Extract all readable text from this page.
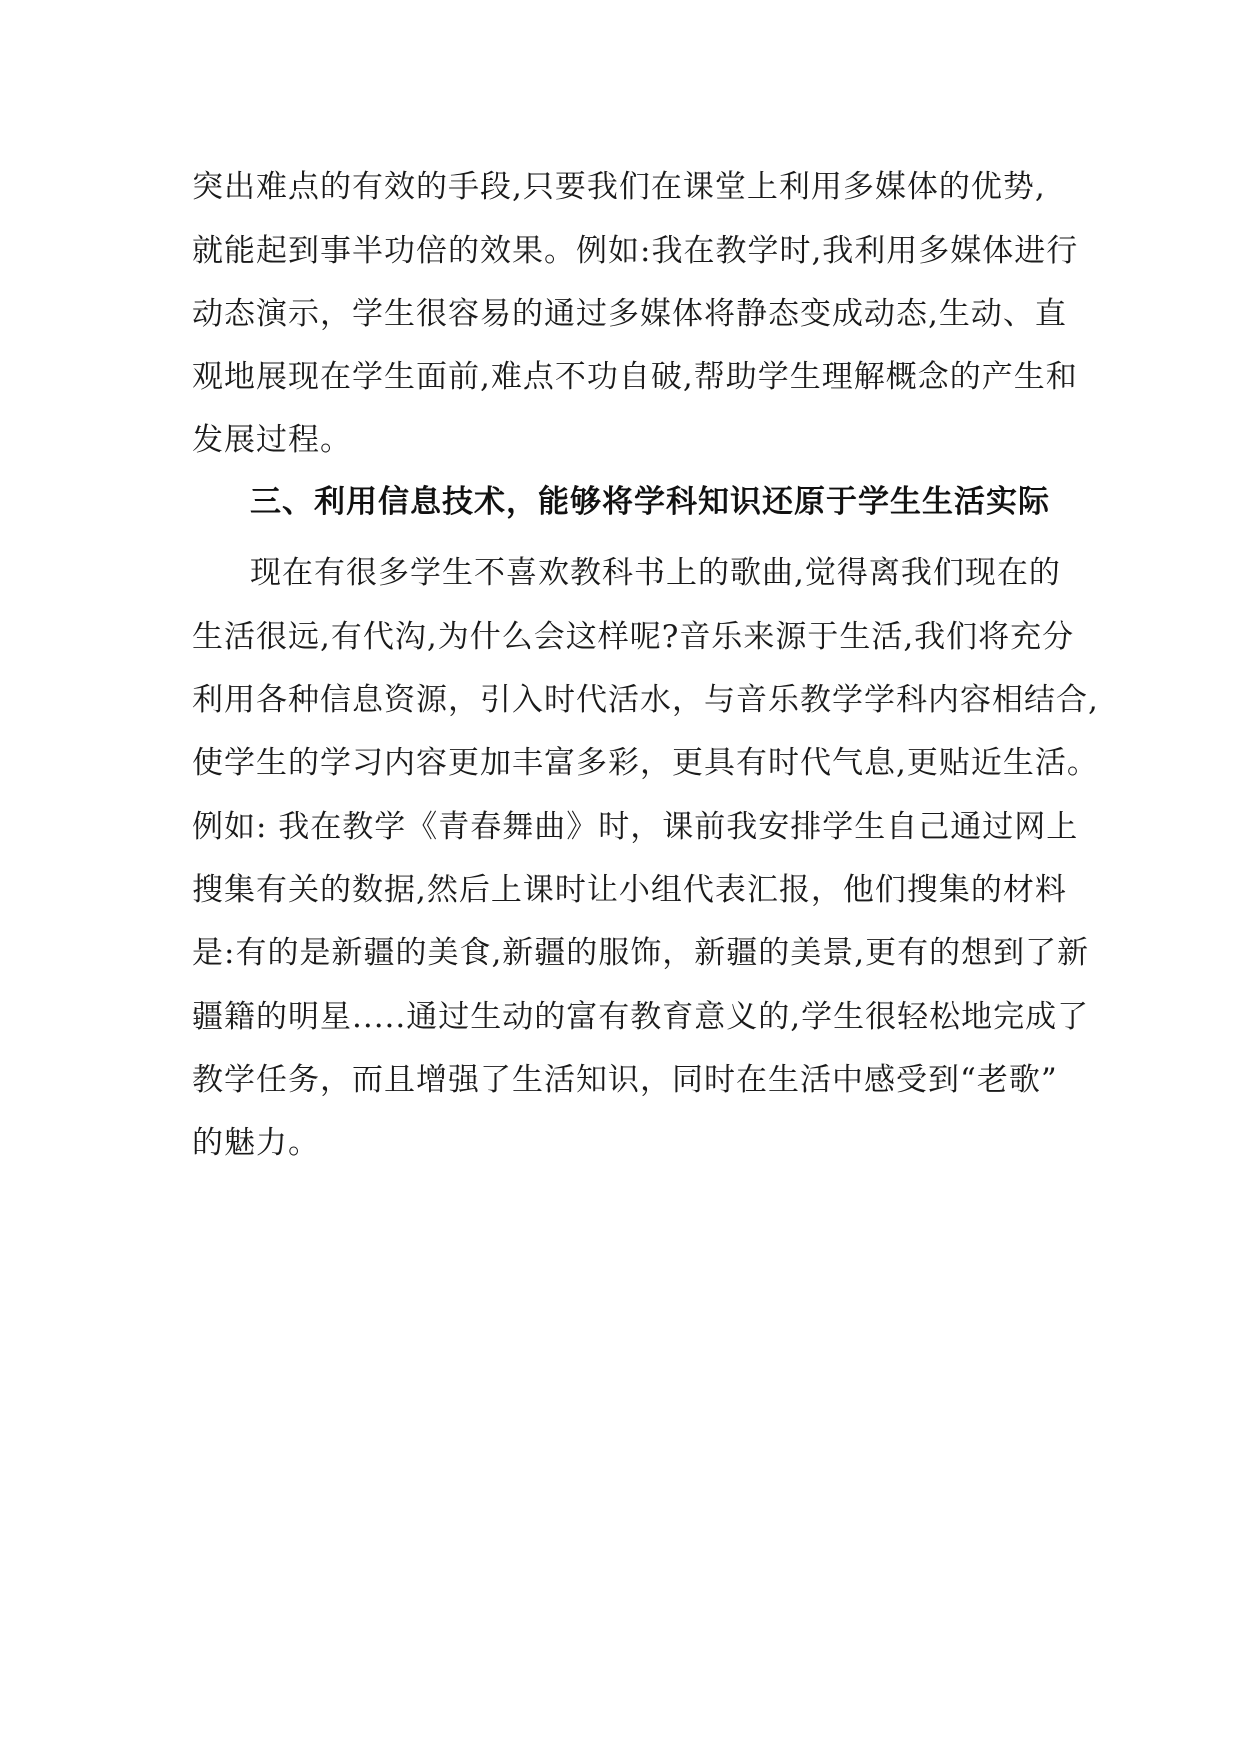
突出难点的有效的手段,只要我们在课堂上利用多媒体的优势,
就能起到事半功倍的效果。例如:我在教学时,我利用多媒体进行
动态演示，学生很容易的通过多媒体将静态变成动态,生动、直
观地展现在学生面前,难点不功自破,帮助学生理解概念的产生和
发展过程。
三、利用信息技术，能够将学科知识还原于学生生活实际
现在有很多学生不喜欢教科书上的歌曲,觉得离我们现在的
生活很远,有代沟,为什么会这样呢?音乐来源于生活,我们将充分
利用各种信息资源，引入时代活水，与音乐教学学科内容相结合,
使学生的学习内容更加丰富多彩，更具有时代气息,更贴近生活。
例如: 我在教学《青春舞曲》时，课前我安排学生自己通过网上
搜集有关的数据,然后上课时让小组代表汇报，他们搜集的材料
是:有的是新疆的美食,新疆的服饰，新疆的美景,更有的想到了新
疆籍的明星.....通过生动的富有教育意义的,学生很轻松地完成了
教学任务，而且增强了生活知识，同时在生活中感受到“老歌”
的魅力。
